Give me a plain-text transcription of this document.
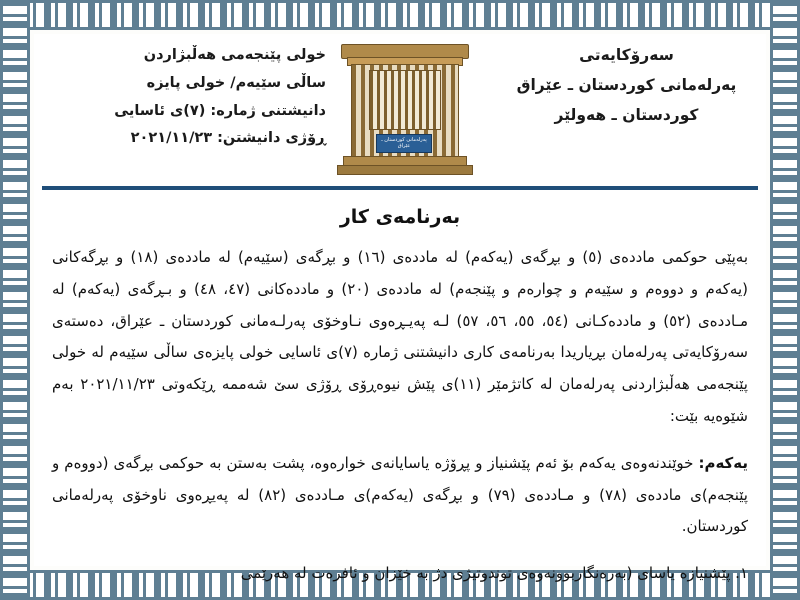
سەرۆکایەتی
پەرلەمانی کوردستان ـ عێراق
کوردستان ـ هەولێر
پەرلەمانی کوردستان ـ عێراق
خولی پێنجەمی هەڵبژاردن
ساڵی سێیەم/ خولی پایزە
دانیشتنی ژمارە: (٧)ی ئاسایی
ڕۆژی دانیشتن: ٢٠٢١/١١/٢٣
بەرنامەی کار
بەپێی حوکمی ماددەی (٥) و بڕگەی (یەکەم) لە ماددەی (١٦) و بڕگەی (سێیەم) لە ماددەی (١٨) و بڕگەکانی (یەکەم و دووەم و سێیەم و چوارەم و پێنجەم) لە ماددەی (٢٠) و ماددەکانی (٤٧، ٤٨) و بـڕگەی (یەکەم) لە مـاددەی (٥٢) و ماددەکـانی (٥٤، ٥٥، ٥٦، ٥٧) لـە پەیـڕەوی نـاوخۆی پەرلـەمانی کوردستان ـ عێراق، دەستەی سەرۆکایەتی پەرلەمان بڕیاریدا بەرنامەی کاری دانیشتنی ژمارە (٧)ی ئاسایی خولی پایزەی ساڵی سێیەم لە خولی پێنجەمی هەڵبژاردنی پەرلەمان لە کاتژمێر (١١)ی پێش نیوەڕۆی ڕۆژی سێ شەممە ڕێکەوتی ٢٠٢١/١١/٢٣ بەم شێوەیە بێت:
یەکەم: خوێندنەوەی یەکەم بۆ ئەم پێشنیاز و پڕۆژە یاسایانەی خوارەوە، پشت بەستن بە حوکمی بڕگەی (دووەم و پێنجەم)ی ماددەی (٧٨) و مـاددەی (٧٩) و بڕگەی (یەکەم)ی مـاددەی (٨٢) لە پەیڕەوی ناوخۆی پەرلەمانی کوردستان.
١. پێشنیازە یاسای (بەرەنگاربوونەوەی توندوتیژی دژ بە خێزان و ئافرەت لە هەرێمی
